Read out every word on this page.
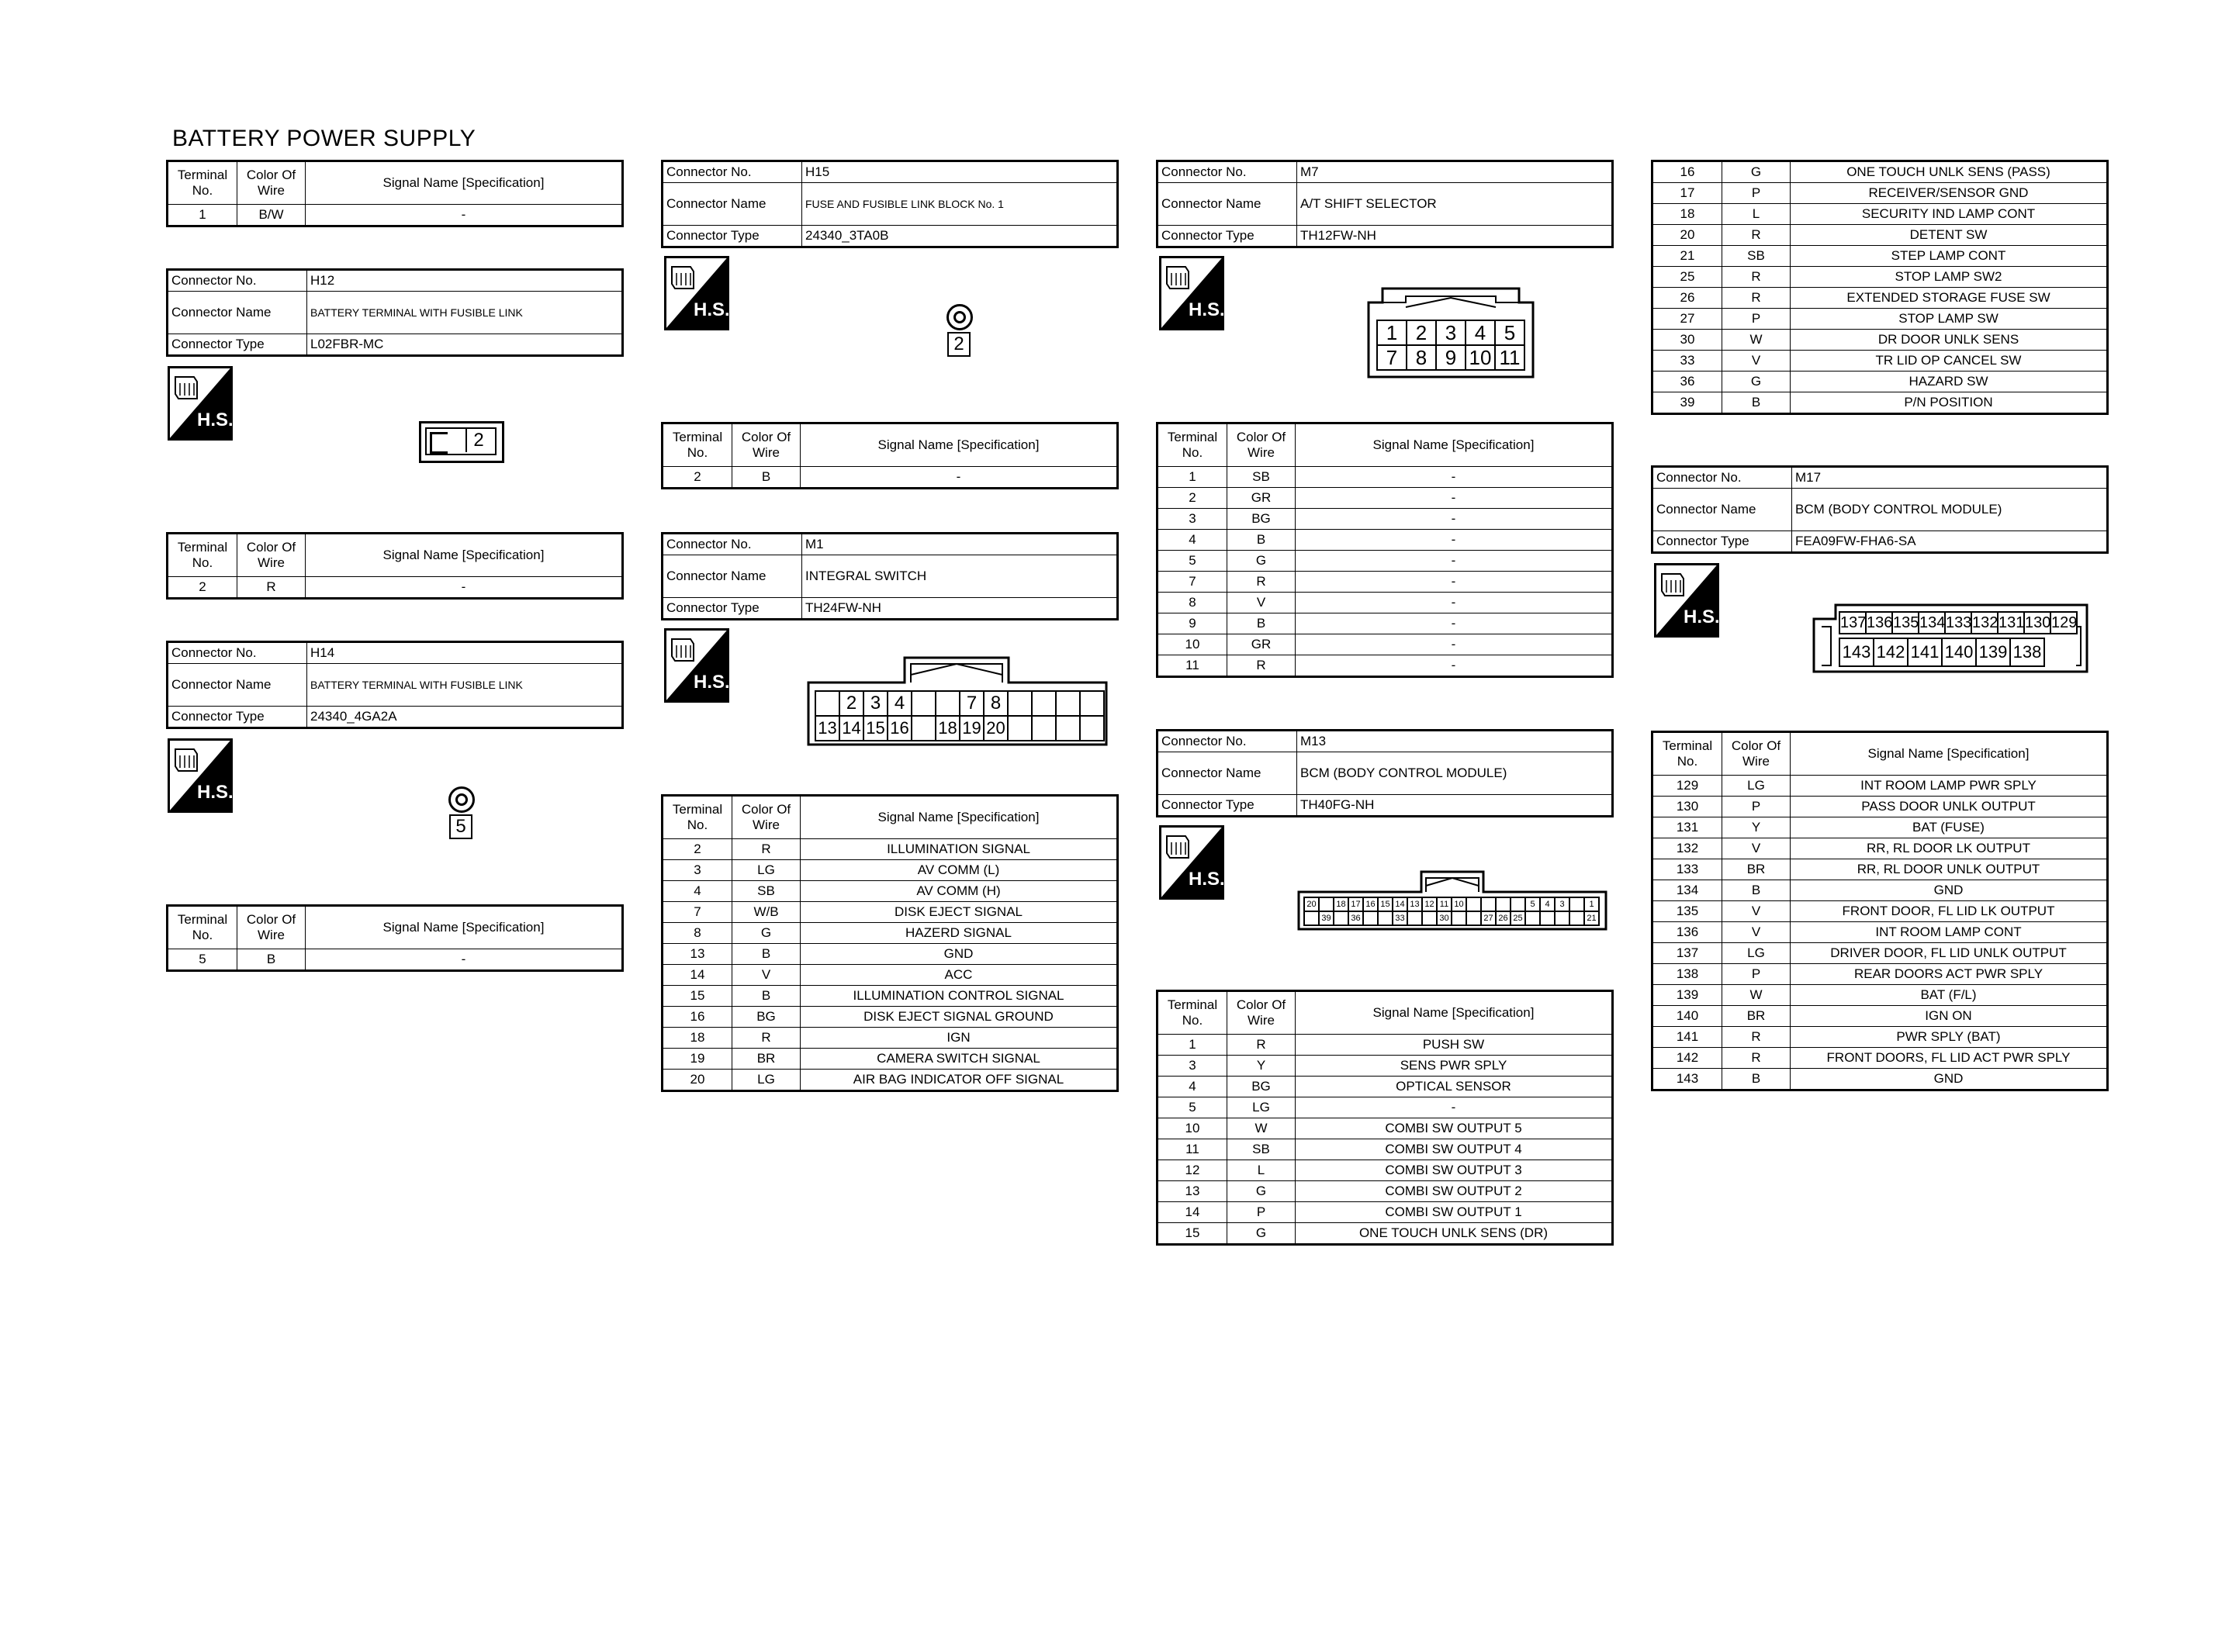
BATTERY POWER SUPPLY
Terminal No.	Color Of Wire	Signal Name [Specification]
1	B/W	-
Connector No.	H12
Connector Name	BATTERY TERMINAL WITH FUSIBLE LINK
Connector Type	L02FBR-MC
H.S.
2
Terminal No.	Color Of Wire	Signal Name [Specification]
2	R	-
Connector No.	H14
Connector Name	BATTERY TERMINAL WITH FUSIBLE LINK
Connector Type	24340_4GA2A
H.S.
5
Terminal No.	Color Of Wire	Signal Name [Specification]
5	B	-
Connector No.	H15
Connector Name	FUSE AND FUSIBLE LINK BLOCK No. 1
Connector Type	24340_3TA0B
H.S.
2
Terminal No.	Color Of Wire	Signal Name [Specification]
2	B	-
Connector No.	M1
Connector Name	INTEGRAL SWITCH
Connector Type	TH24FW-NH
H.S.
2 3 4	7 8
13 14 15 16 18 19 20
Terminal No.	Color Of Wire	Signal Name [Specification]
2	R	ILLUMINATION SIGNAL
3	LG	AV COMM (L)
4	SB	AV COMM (H)
7	W/B	DISK EJECT SIGNAL
8	G	HAZERD SIGNAL
13	B	GND
14	V	ACC
15	B	ILLUMINATION CONTROL SIGNAL
16	BG	DISK EJECT SIGNAL GROUND
18	R	IGN
19	BR	CAMERA SWITCH SIGNAL
20	LG	AIR BAG INDICATOR OFF SIGNAL
Connector No.	M7
Connector Name	A/T SHIFT SELECTOR
Connector Type	TH12FW-NH
H.S.
1 2 3 4 5
7 8 9 10 11
Terminal No.	Color Of Wire	Signal Name [Specification]
1	SB	-
2	GR	-
3	BG	-
4	B	-
5	G	-
7	R	-
8	V	-
9	B	-
10	GR	-
11	R	-
Connector No.	M13
Connector Name	BCM (BODY CONTROL MODULE)
Connector Type	TH40FG-NH
H.S.
20	18 17 16 15 14 13 12 11 10	5	4	3	1
39	36	33	30	27 26 25	21
Terminal No.	Color Of Wire	Signal Name [Specification]
1	R	PUSH SW
3	Y	SENS PWR SPLY
4	BG	OPTICAL SENSOR
5	LG	-
10	W	COMBI SW OUTPUT 5
11	SB	COMBI SW OUTPUT 4
12	L	COMBI SW OUTPUT 3
13	G	COMBI SW OUTPUT 2
14	P	COMBI SW OUTPUT 1
15	G	ONE TOUCH UNLK SENS (DR)
16	G	ONE TOUCH UNLK SENS (PASS)
17	P	RECEIVER/SENSOR GND
18	L	SECURITY IND LAMP CONT
20	R	DETENT SW
21	SB	STEP LAMP CONT
25	R	STOP LAMP SW2
26	R	EXTENDED STORAGE FUSE SW
27	P	STOP LAMP SW
30	W	DR DOOR UNLK SENS
33	V	TR LID OP CANCEL SW
36	G	HAZARD SW
39	B	P/N POSITION
Connector No.	M17
Connector Name	BCM (BODY CONTROL MODULE)
Connector Type	FEA09FW-FHA6-SA
H.S.	137 136 135 134 133 132 131 130 129
143 142 141 140 139 138
Terminal No.	Color Of Wire	Signal Name [Specification]
129	LG	INT ROOM LAMP PWR SPLY
130	P	PASS DOOR UNLK OUTPUT
131	Y	BAT (FUSE)
132	V	RR, RL DOOR LK OUTPUT
133	BR	RR, RL DOOR UNLK OUTPUT
134	B	GND
135	V	FRONT DOOR, FL LID LK OUTPUT
136	V	INT ROOM LAMP CONT
137	LG	DRIVER DOOR, FL LID UNLK OUTPUT
138	P	REAR DOORS ACT PWR SPLY
139	W	BAT (F/L)
140	BR	IGN ON
141	R	PWR SPLY (BAT)
142	R	FRONT DOORS, FL LID ACT PWR SPLY
143	B	GND
